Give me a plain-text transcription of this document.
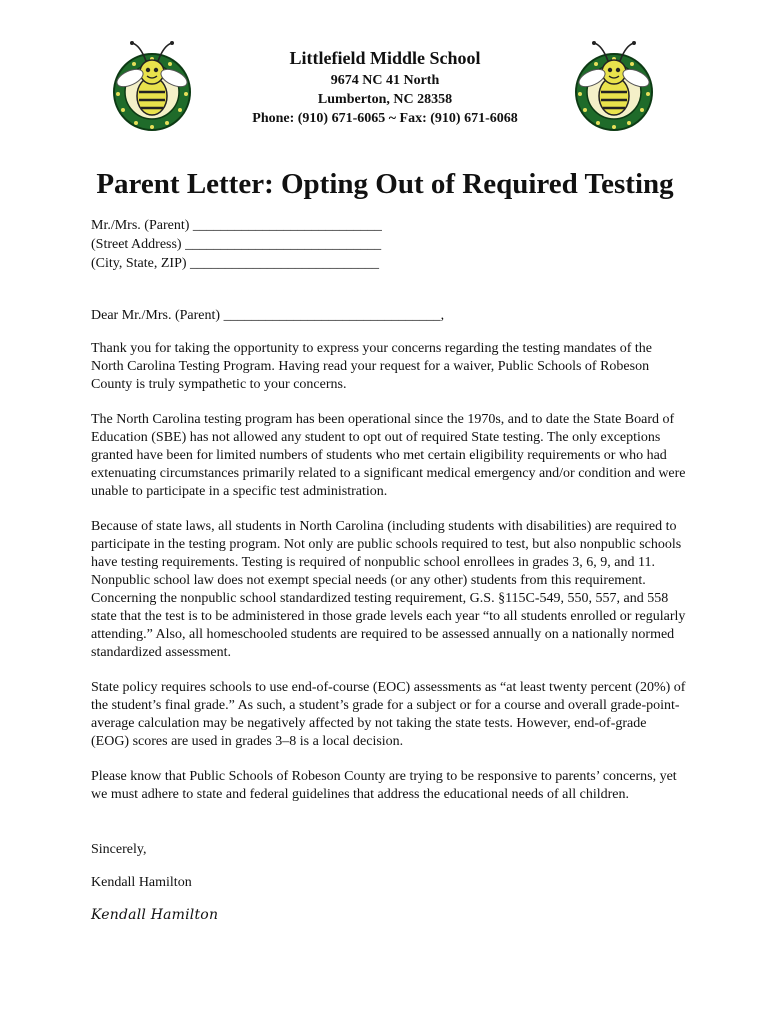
Littlefield Middle School
9674 NC 41 North
Lumberton, NC 28358
Phone: (910) 671-6065 ~ Fax: (910) 671-6068
Parent Letter: Opting Out of Required Testing
Mr./Mrs. (Parent) ___________________________
(Street Address) ____________________________
(City, State, ZIP) ___________________________
Dear Mr./Mrs. (Parent) _______________________________,

Thank you for taking the opportunity to express your concerns regarding the testing mandates of the North Carolina Testing Program. Having read your request for a waiver, Public Schools of Robeson County is truly sympathetic to your concerns.

The North Carolina testing program has been operational since the 1970s, and to date the State Board of Education (SBE) has not allowed any student to opt out of required State testing. The only exceptions granted have been for limited numbers of students who met certain eligibility requirements or who had extenuating circumstances primarily related to a significant medical emergency and/or condition and were unable to participate in a specific test administration.

Because of state laws, all students in North Carolina (including students with disabilities) are required to participate in the testing program. Not only are public schools required to test, but also nonpublic schools have testing requirements. Testing is required of nonpublic school enrollees in grades 3, 6, 9, and 11. Nonpublic school law does not exempt special needs (or any other) students from this requirement. Concerning the nonpublic school standardized testing requirement, G.S. §115C-549, 550, 557, and 558 state that the test is to be administered in those grade levels each year “to all students enrolled or regularly attending.” Also, all homeschooled students are required to be assessed annually on a nationally normed standardized assessment.

State policy requires schools to use end-of-course (EOC) assessments as “at least twenty percent (20%) of the student’s final grade.” As such, a student’s grade for a subject or for a course and overall grade-point-average calculation may be negatively affected by not taking the state tests. However, end-of-grade (EOG) scores are used in grades 3–8 is a local decision.

Please know that Public Schools of Robeson County are trying to be responsive to parents’ concerns, yet we must adhere to state and federal guidelines that address the educational needs of all children.

Sincerely,
Kendall Hamilton
Kendall Hamilton
